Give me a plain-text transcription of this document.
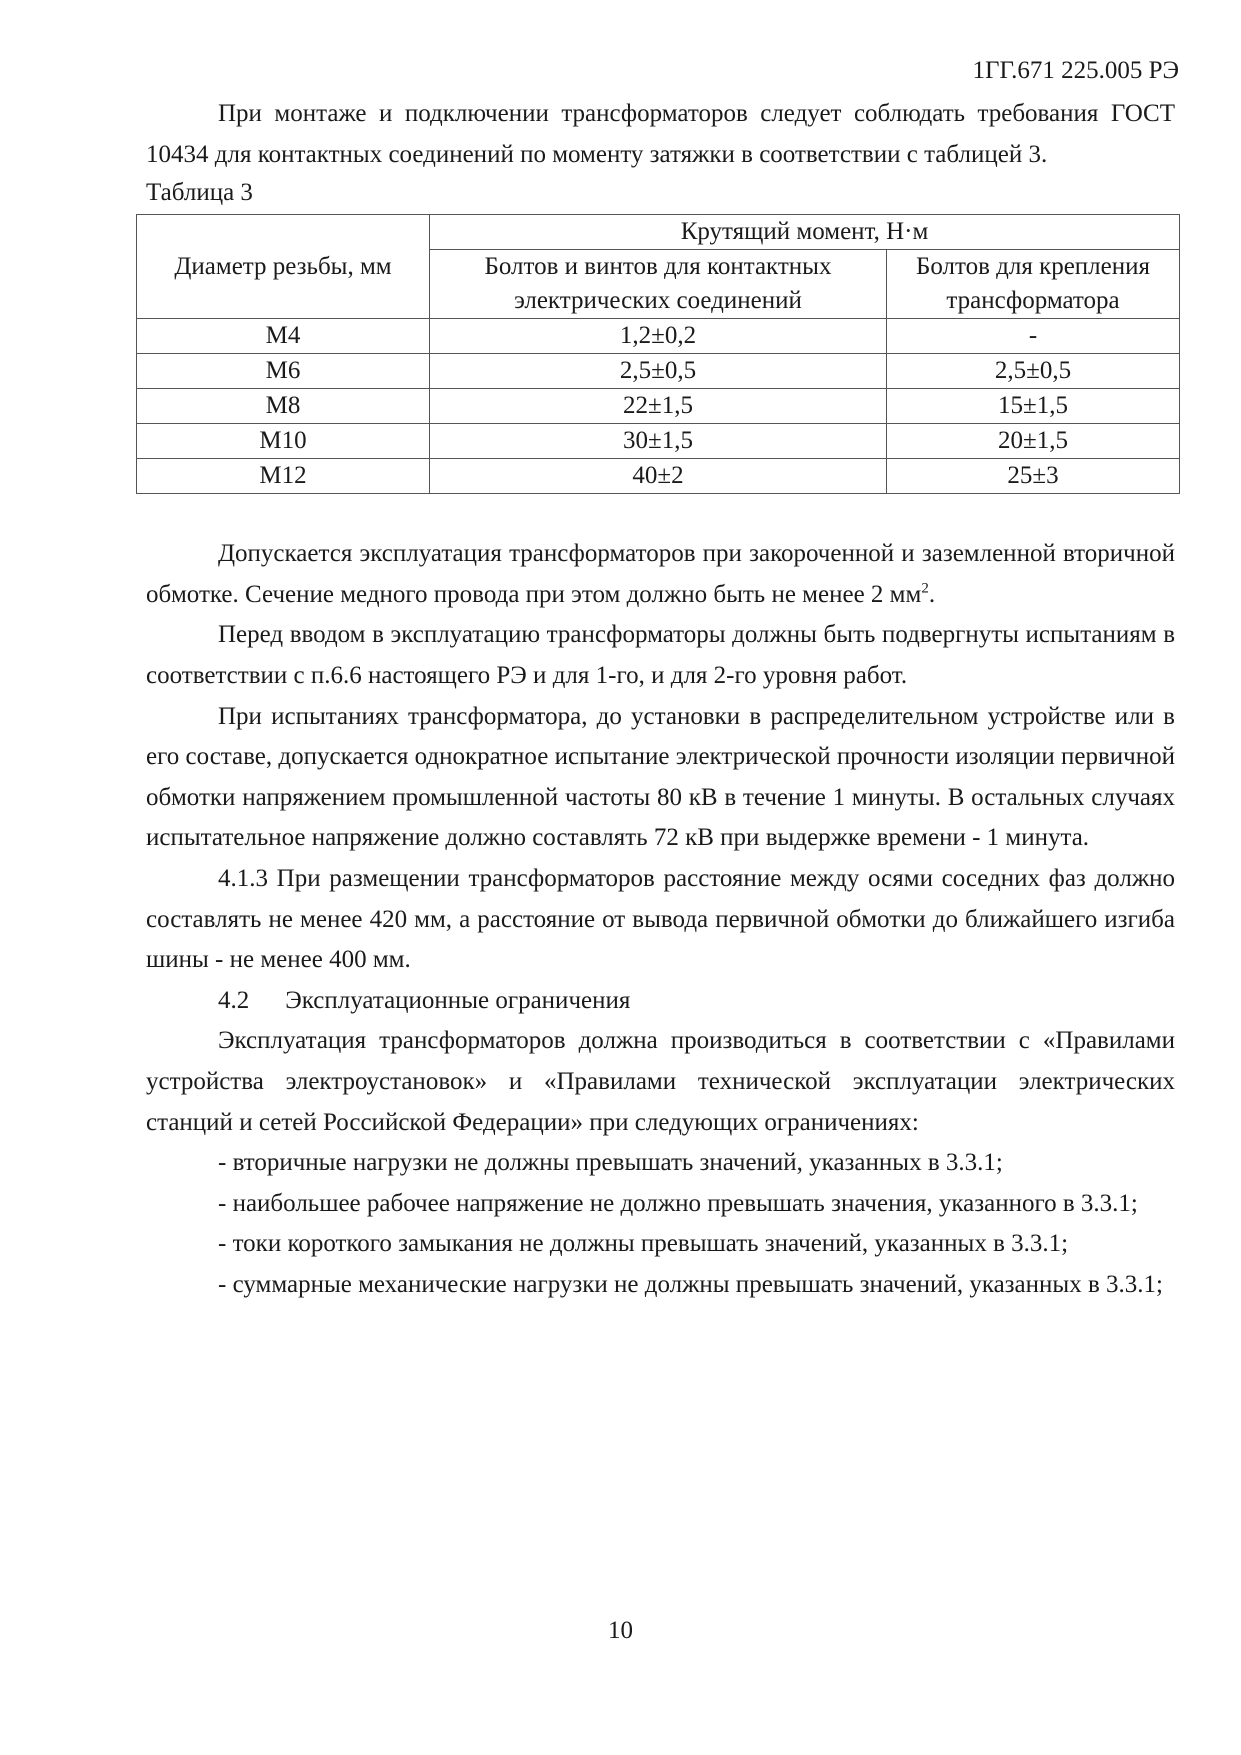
1ГГ.671 225.005 РЭ

При монтаже и подключении трансформаторов следует соблюдать требования ГОСТ 10434 для контактных соединений по моменту затяжки в соответствии с таблицей 3.

Таблица 3

Диаметр резьбы, мм	Крутящий момент, Н·м	
	Болтов и винтов для контактных электрических соединений	Болтов для крепления трансформатора
М4	1,2±0,2	-
М6	2,5±0,5	2,5±0,5
М8	22±1,5	15±1,5
М10	30±1,5	20±1,5
М12	40±2	25±3

Допускается эксплуатация трансформаторов при закороченной и заземленной вторичной обмотке. Сечение медного провода при этом должно быть не менее 2 $мм^2$.

Перед вводом в эксплуатацию трансформаторы должны быть подвергнуты испытаниям в соответствии с п.6.6 настоящего РЭ и для 1-го, и для 2-го уровня работ.

При испытаниях трансформатора, до установки в распределительном устройстве или в его составе, допускается однократное испытание электрической прочности изоляции первичной обмотки напряжением промышленной частоты 80 кВ в течение 1 минуты. В остальных случаях испытательное напряжение должно составлять 72 кВ при выдержке времени - 1 минута.

4.1.3 При размещении трансформаторов расстояние между осями соседних фаз должно составлять не менее 420 мм, а расстояние от вывода первичной обмотки до ближайшего изгиба шины - не менее 400 мм.

4.2 Эксплуатационные ограничения

Эксплуатация трансформаторов должна производиться в соответствии с «Правилами устройства электроустановок» и «Правилами технической эксплуатации электрических станций и сетей Российской Федерации» при следующих ограничениях:

- вторичные нагрузки не должны превышать значений, указанных в 3.3.1;

- наибольшее рабочее напряжение не должно превышать значения, указанного в 3.3.1;

- токи короткого замыкания не должны превышать значений, указанных в 3.3.1;

- суммарные механические нагрузки не должны превышать значений, указанных в 3.3.1;

10
